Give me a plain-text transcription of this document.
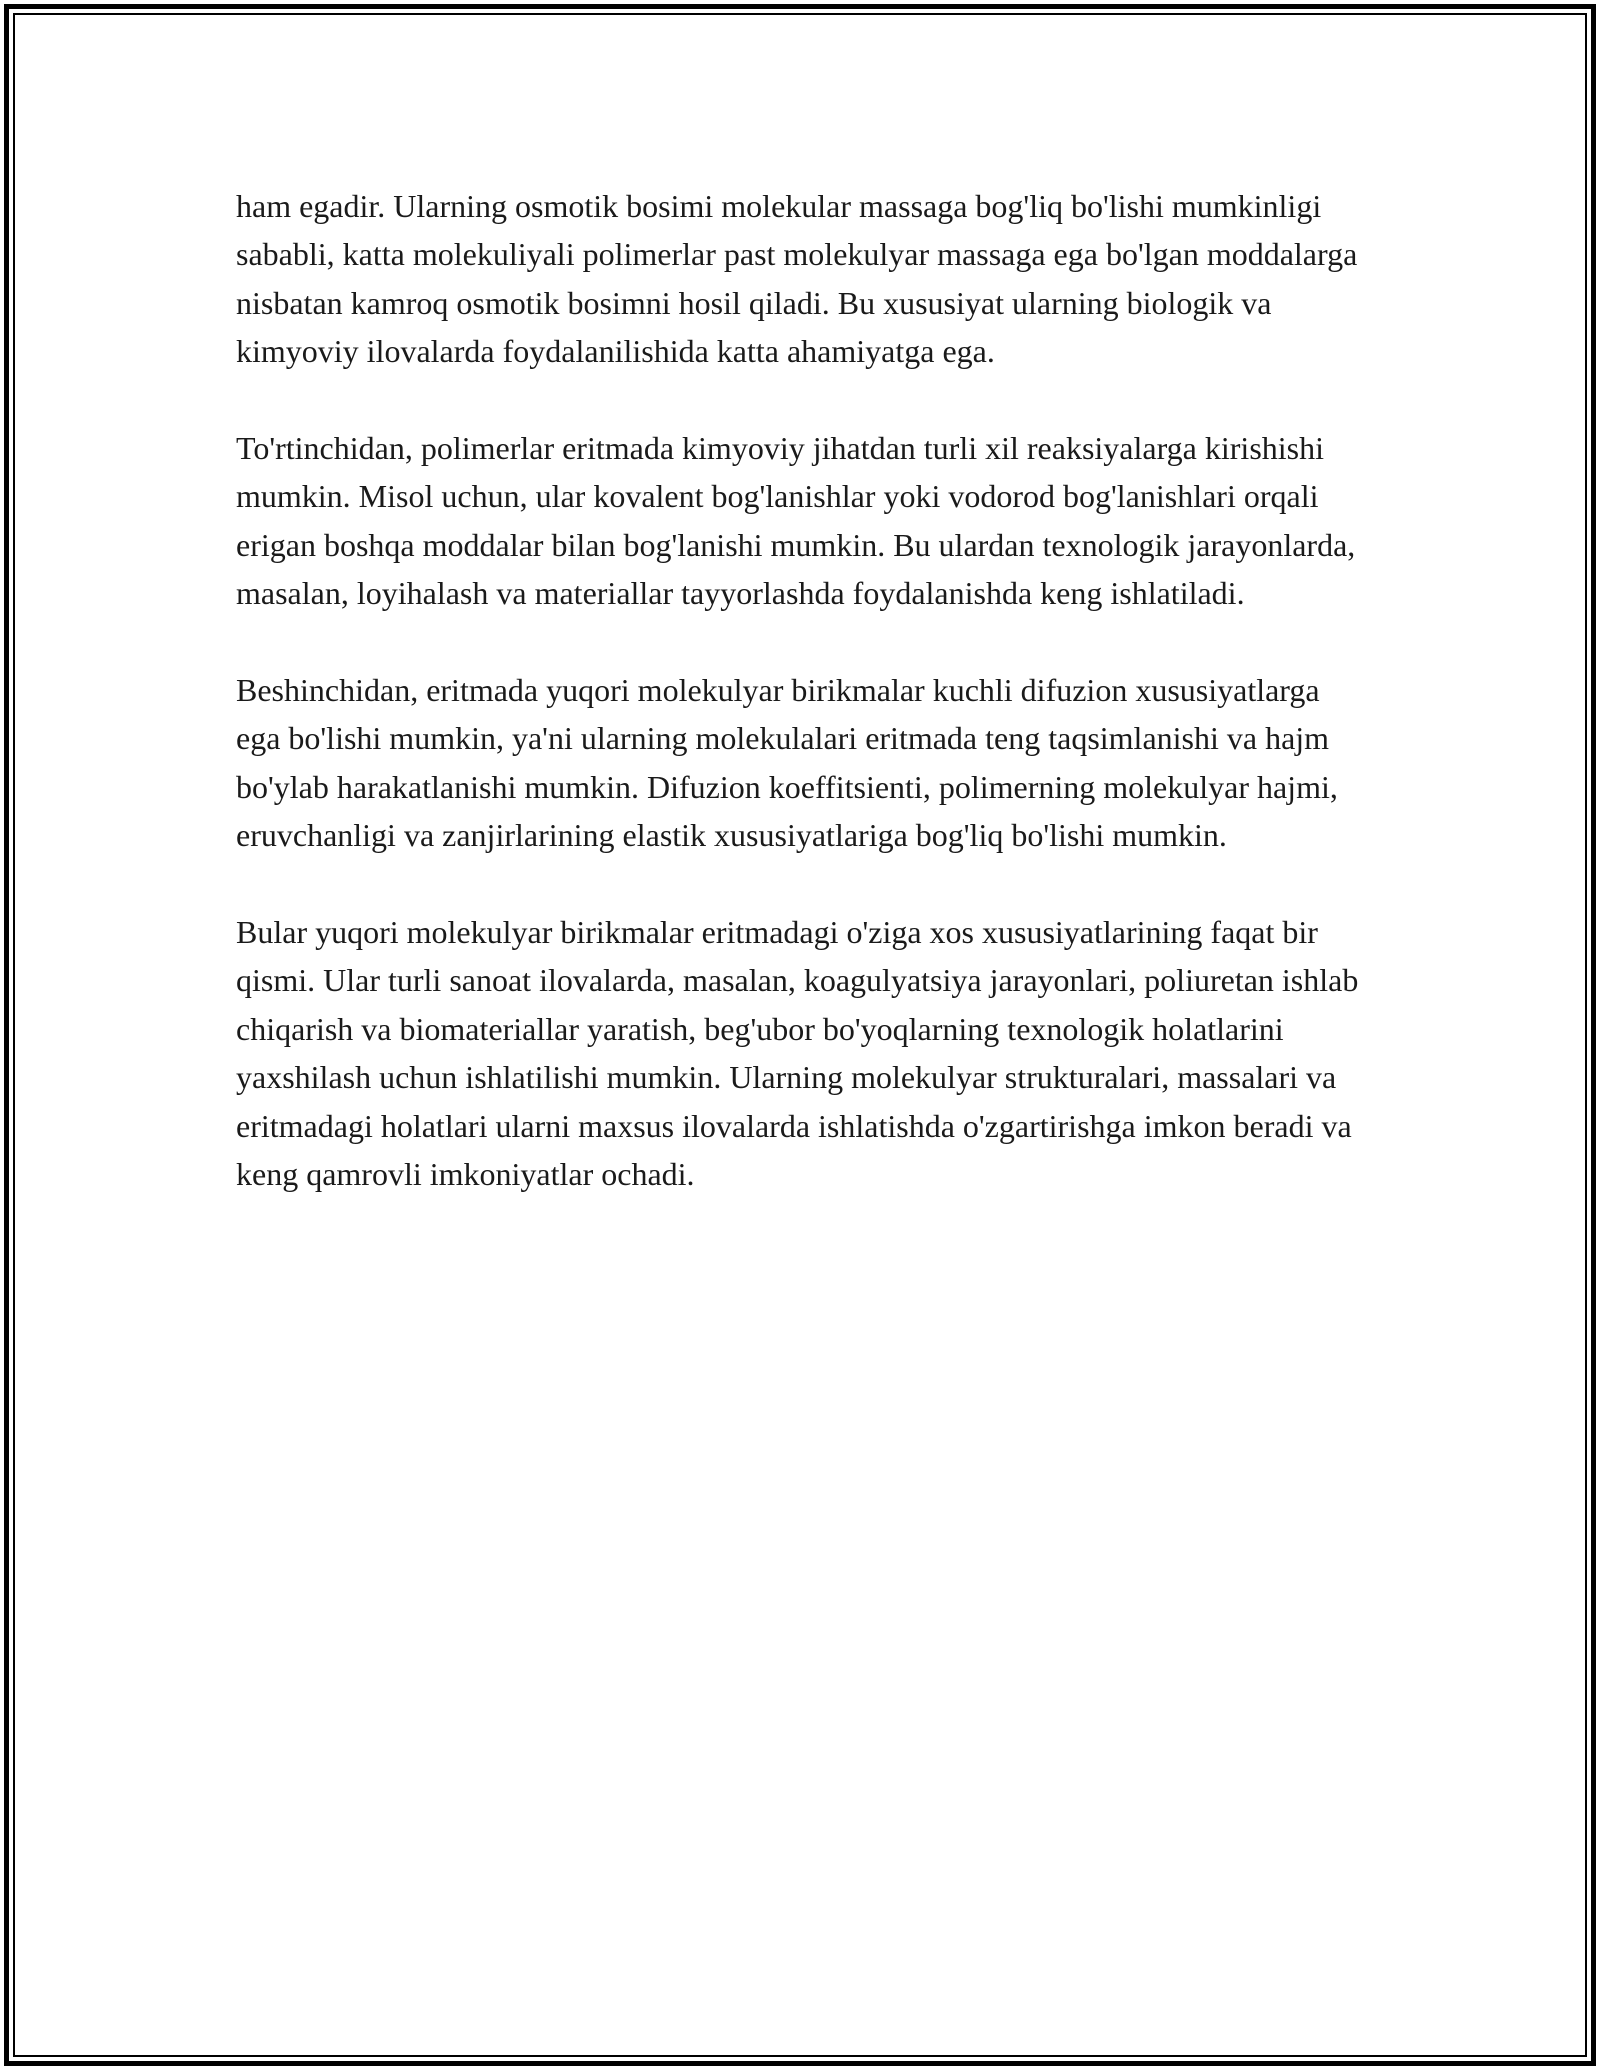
ham egadir. Ularning osmotik bosimi molekular massaga bog'liq bo'lishi mumkinligi sababli, katta molekuliyali polimerlar past molekulyar massaga ega bo'lgan moddalarga nisbatan kamroq osmotik bosimni hosil qiladi. Bu xususiyat ularning biologik va kimyoviy ilovalarda foydalanilishida katta ahamiyatga ega.

To'rtinchidan, polimerlar eritmada kimyoviy jihatdan turli xil reaksiyalarga kirishishi mumkin. Misol uchun, ular kovalent bog'lanishlar yoki vodorod bog'lanishlari orqali erigan boshqa moddalar bilan bog'lanishi mumkin. Bu ulardan texnologik jarayonlarda, masalan, loyihalash va materiallar tayyorlashda foydalanishda keng ishlatiladi.

Beshinchidan, eritmada yuqori molekulyar birikmalar kuchli difuzion xususiyatlarga ega bo'lishi mumkin, ya'ni ularning molekulalari eritmada teng taqsimlanishi va hajm bo'ylab harakatlanishi mumkin. Difuzion koeffitsienti, polimerning molekulyar hajmi, eruvchanligi va zanjirlarining elastik xususiyatlariga bog'liq bo'lishi mumkin.

Bular yuqori molekulyar birikmalar eritmadagi o'ziga xos xususiyatlarining faqat bir qismi. Ular turli sanoat ilovalarda, masalan, koagulyatsiya jarayonlari, poliuretan ishlab chiqarish va biomateriallar yaratish, beg'ubor bo'yoqlarning texnologik holatlarini yaxshilash uchun ishlatilishi mumkin. Ularning molekulyar strukturalari, massalari va eritmadagi holatlari ularni maxsus ilovalarda ishlatishda o'zgartirishga imkon beradi va keng qamrovli imkoniyatlar ochadi.
